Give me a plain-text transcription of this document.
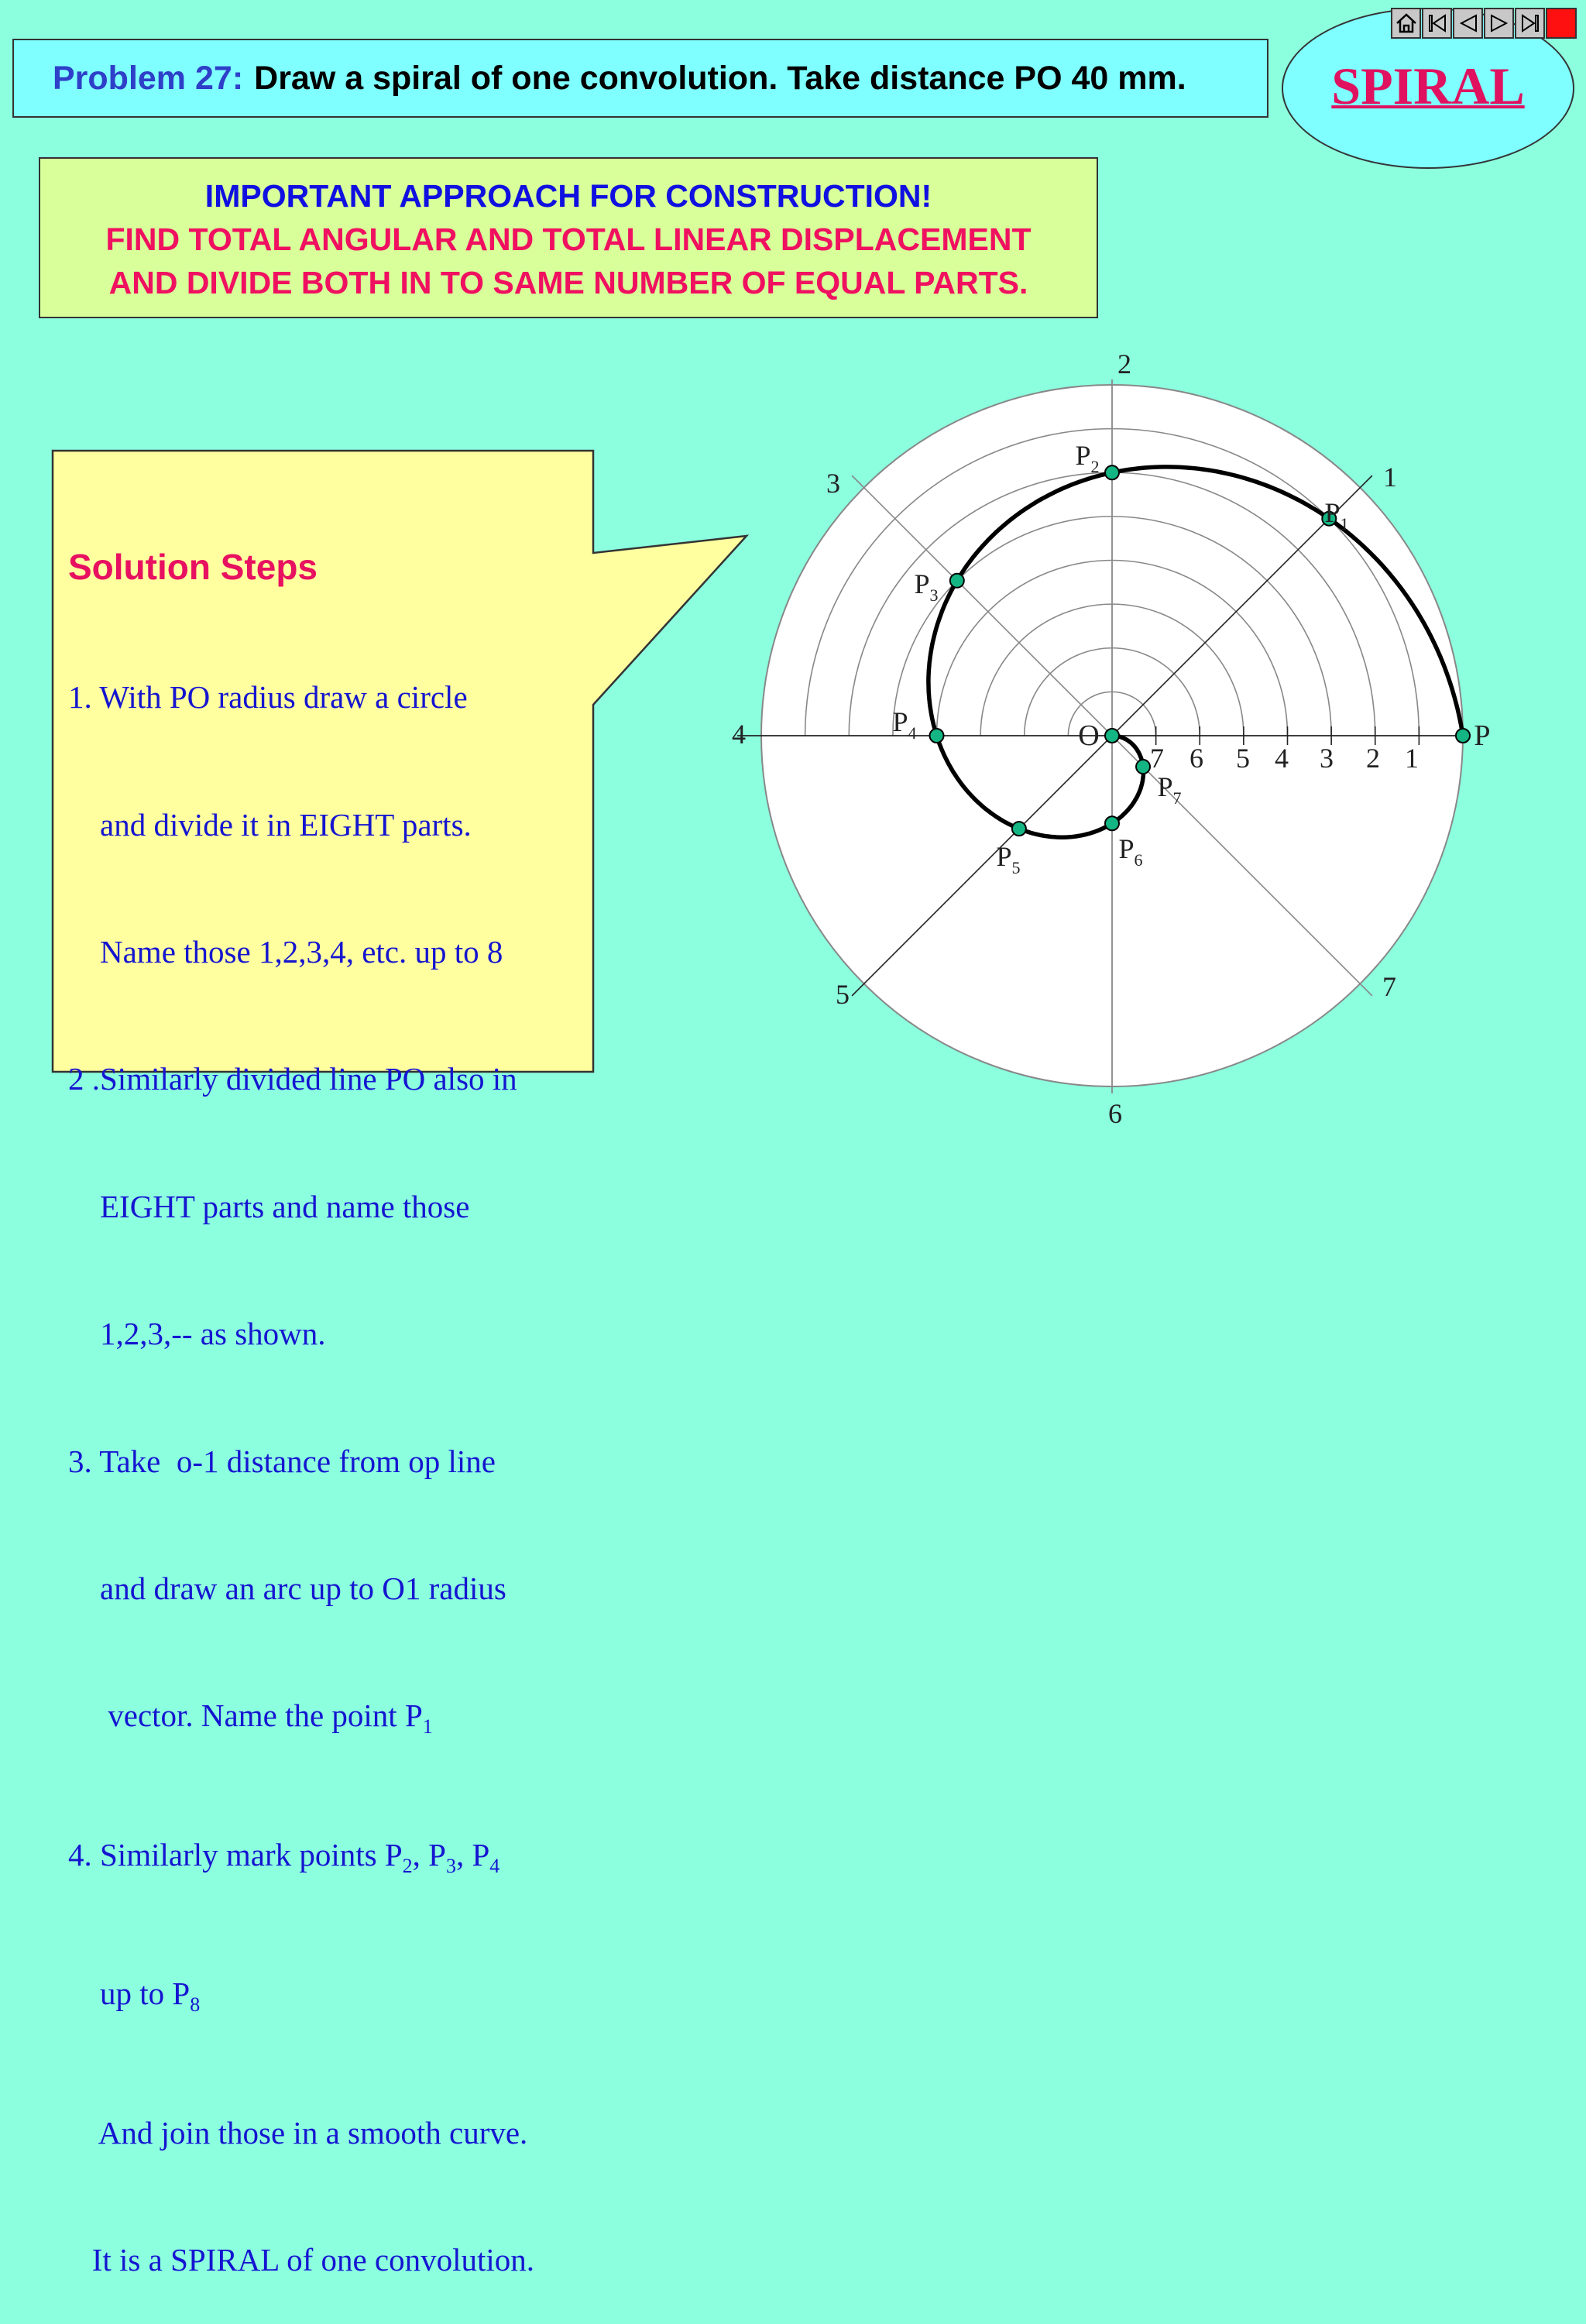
Problem 27: Draw a spiral of one convolution. Take distance PO 40 mm.	SPIRAL
IMPORTANT APPROACH FOR CONSTRUCTION!
FIND TOTAL ANGULAR AND TOTAL LINEAR DISPLACEMENT
AND DIVIDE BOTH IN TO SAME NUMBER OF EQUAL PARTS.

Solution Steps

1. With PO radius draw a circle

and divide it in EIGHT parts.

Name those 1,2,3,4, etc. up to 8

2 .Similarly divided line PO also in

EIGHT parts and name those

1,2,3,-- as shown.

3. Take  o-1 distance from op line

and draw an arc up to O1 radius

vector. Name the point $P_1$

4. Similarly mark points $P_2$, $P_3$, $P_4$

up to $P_8$

And join those in a smooth curve.

It is a SPIRAL of one convolution.

1
2
3
4
5
6
7
1
2
3
4
5
6
7
$P_1$
$P_2$
$P_3$
$P_4$
$P_5$
$P_6$
$P_7$
O	P
